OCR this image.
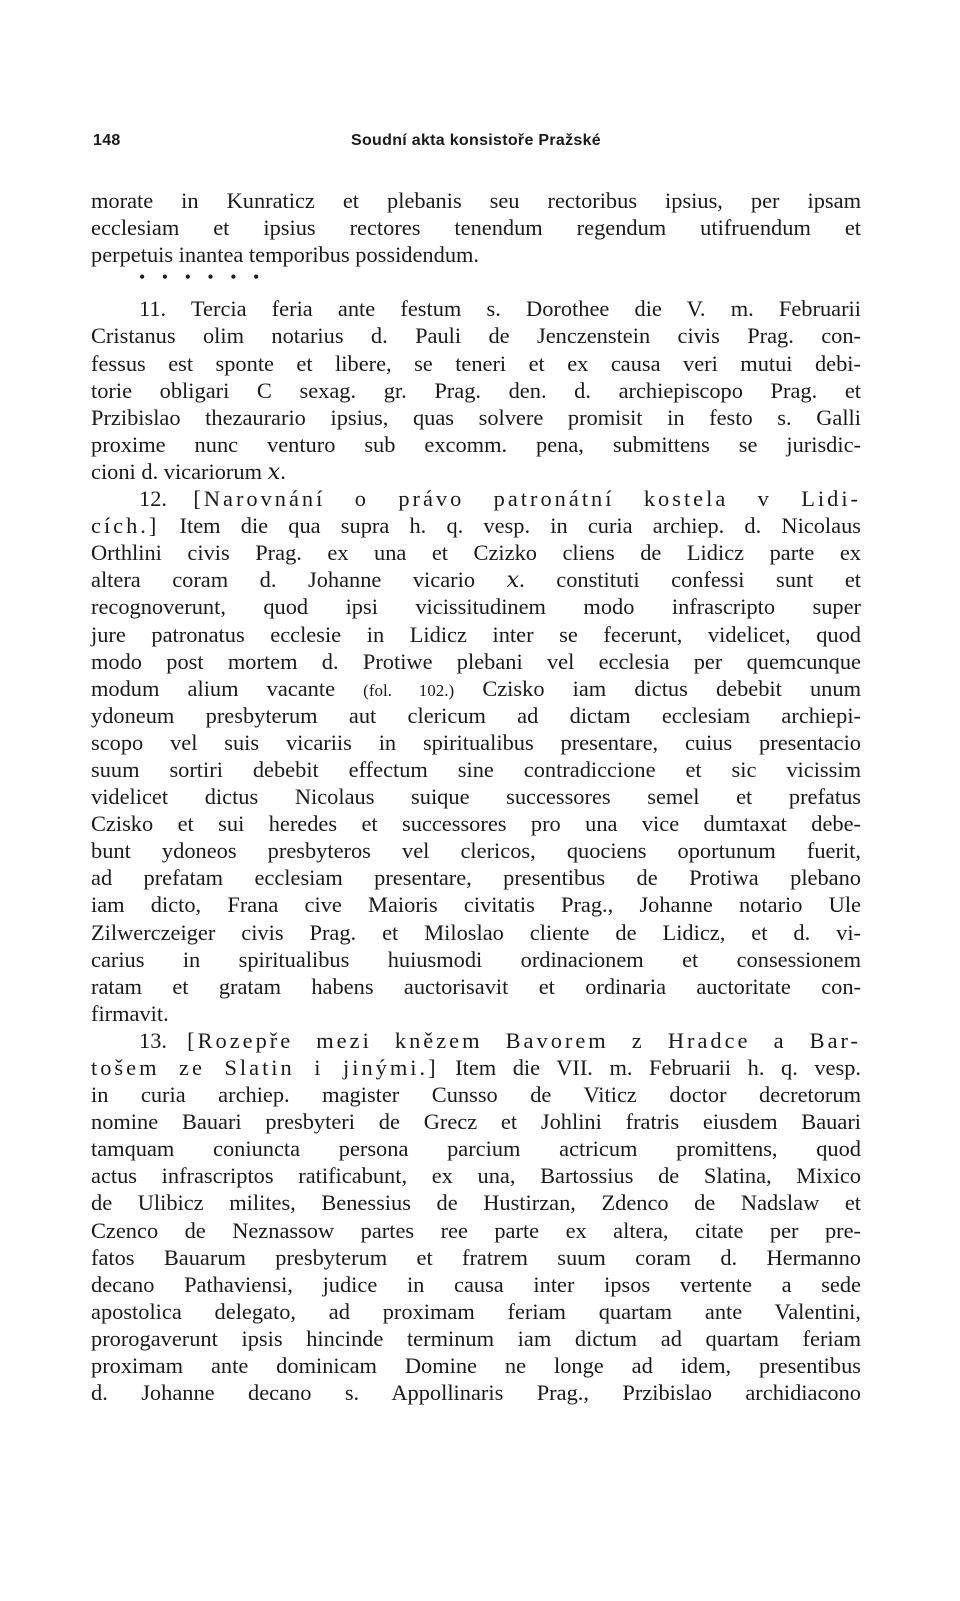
148	Soudní akta konsistoře Pražské
morate in Kunraticz et plebanis seu rectoribus ipsius, per ipsam
ecclesiam et ipsius rectores tenendum regendum utifruendum et
perpetuis inantea temporibus possidendum.
• • • • • •
11. Tercia feria ante festum s. Dorothee die V. m. Februarii
Cristanus olim notarius d. Pauli de Jenczenstein civis Prag. con-
fessus est sponte et libere, se teneri et ex causa veri mutui debi-
torie obligari C sexag. gr. Prag. den. d. archiepiscopo Prag. et
Przibislao thezaurario ipsius, quas solvere promisit in festo s. Galli
proxime nunc venturo sub excomm. pena, submittens se jurisdic-
cioni d. vicariorum 𝑥.
12. [Narovnání o právo patronátní kostela v Lidi-
cích.] Item die qua supra h. q. vesp. in curia archiep. d. Nicolaus
Orthlini civis Prag. ex una et Czizko cliens de Lidicz parte ex
altera coram d. Johanne vicario 𝑥. constituti confessi sunt et
recognoverunt, quod ipsi vicissitudinem modo infrascripto super
jure patronatus ecclesie in Lidicz inter se fecerunt, videlicet, quod
modo post mortem d. Protiwe plebani vel ecclesia per quemcunque
modum alium vacante (fol. 102.) Czisko iam dictus debebit unum
ydoneum presbyterum aut clericum ad dictam ecclesiam archiepi-
scopo vel suis vicariis in spiritualibus presentare, cuius presentacio
suum sortiri debebit effectum sine contradiccione et sic vicissim
videlicet dictus Nicolaus suique successores semel et prefatus
Czisko et sui heredes et successores pro una vice dumtaxat debe-
bunt ydoneos presbyteros vel clericos, quociens oportunum fuerit,
ad prefatam ecclesiam presentare, presentibus de Protiwa plebano
iam dicto, Frana cive Maioris civitatis Prag., Johanne notario Ule
Zilwerczeiger civis Prag. et Miloslao cliente de Lidicz, et d. vi-
carius in spiritualibus huiusmodi ordinacionem et consessionem
ratam et gratam habens auctorisavit et ordinaria auctoritate con-
firmavit.
13. [Rozepře mezi knězem Bavorem z Hradce a Bar-
tošem ze Slatin i jinými.] Item die VII. m. Februarii h. q. vesp.
in curia archiep. magister Cunsso de Viticz doctor decretorum
nomine Bauari presbyteri de Grecz et Johlini fratris eiusdem Bauari
tamquam coniuncta persona parcium actricum promittens, quod
actus infrascriptos ratificabunt, ex una, Bartossius de Slatina, Mixico
de Ulibicz milites, Benessius de Hustirzan, Zdenco de Nadslaw et
Czenco de Neznassow partes ree parte ex altera, citate per pre-
fatos Bauarum presbyterum et fratrem suum coram d. Hermanno
decano Pathaviensi, judice in causa inter ipsos vertente a sede
apostolica delegato, ad proximam feriam quartam ante Valentini,
prorogaverunt ipsis hincinde terminum iam dictum ad quartam feriam
proximam ante dominicam Domine ne longe ad idem, presentibus
d. Johanne decano s. Appollinaris Prag., Przibislao archidiacono
